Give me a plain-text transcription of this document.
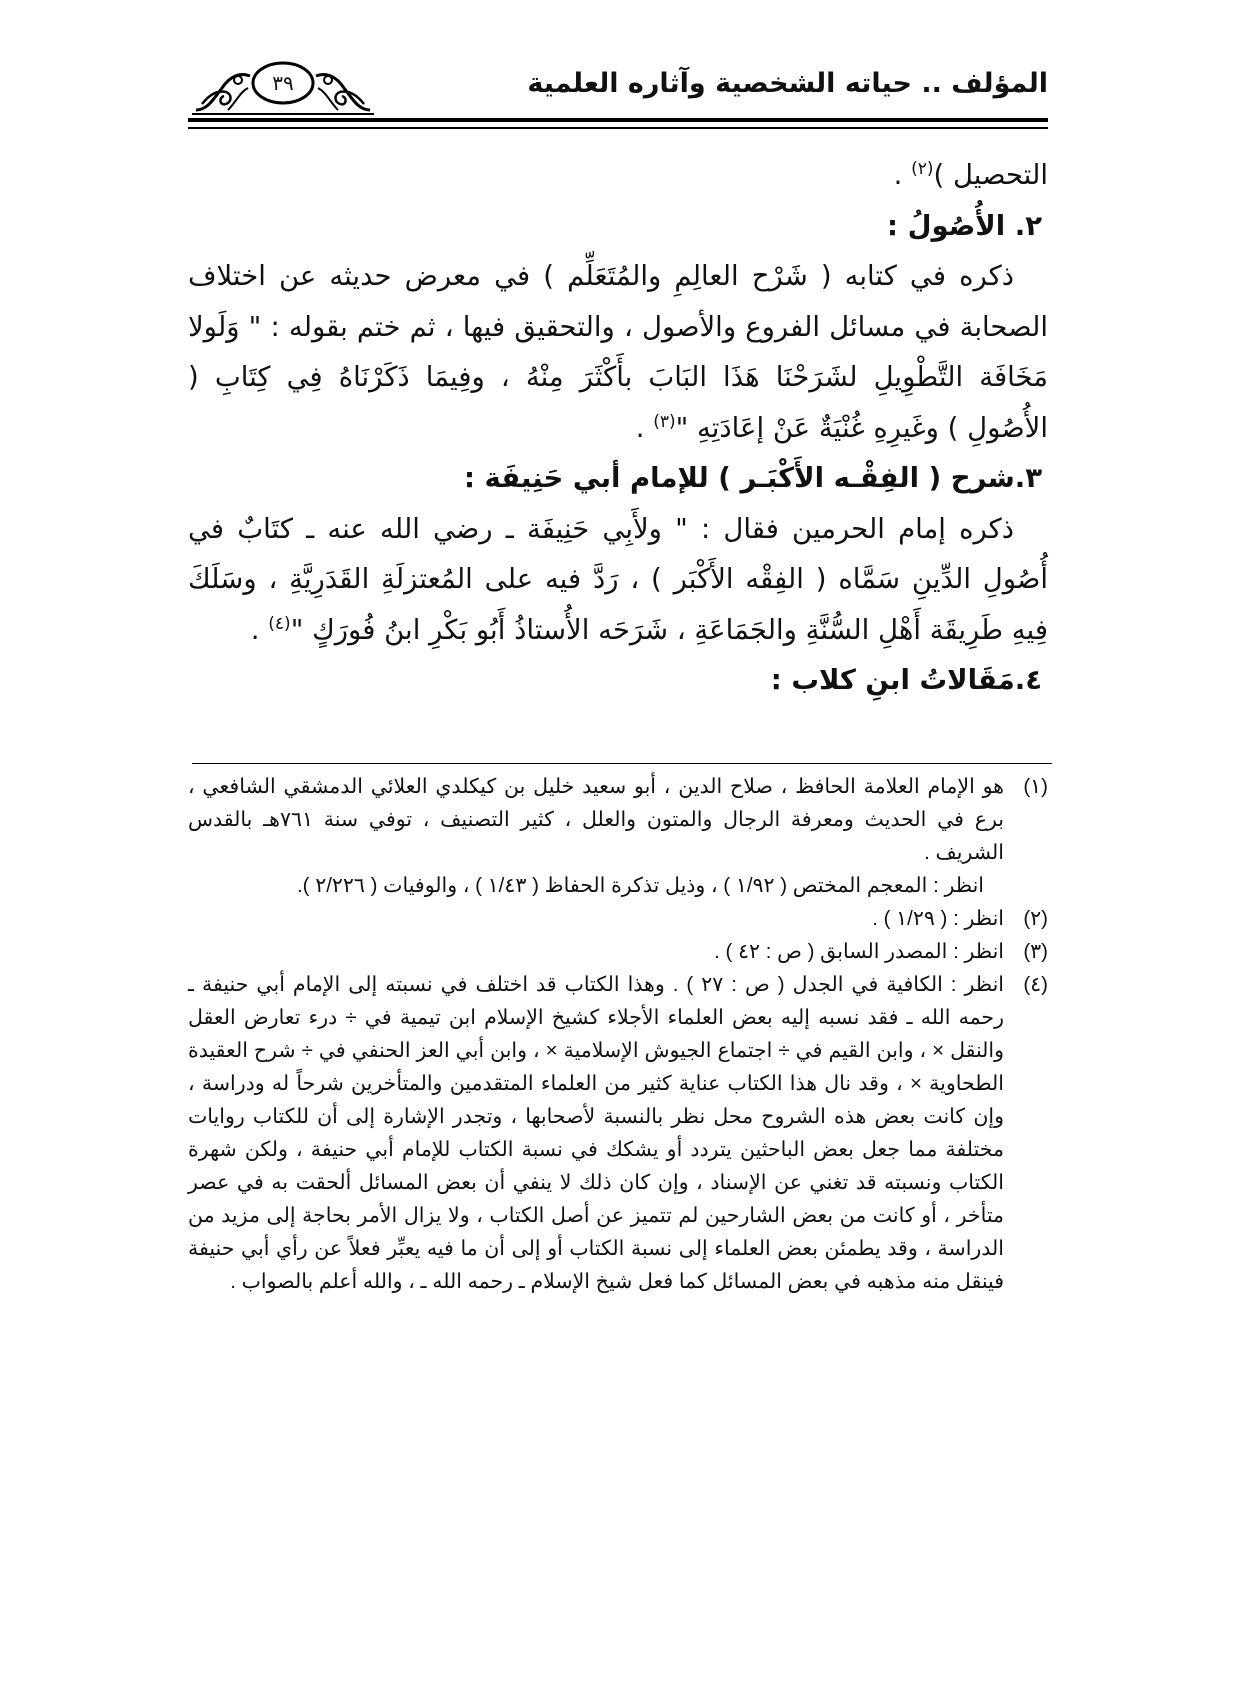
المؤلف .. حياته الشخصية وآثاره العلمية
٣٩

التحصيل )$^{(٢)}$ .

٢. الأُصُولُ :

ذكره في كتابه ( شَرْح العالِمِ والمُتَعَلِّم ) في معرض حديثه عن اختلاف الصحابة في مسائل الفروع والأصول ، والتحقيق فيها ، ثم ختم بقوله : " وَلَولا مَخَافَة التَّطْوِيلِ لشَرَحْنَا هَذَا البَابَ بأَكْثَرَ مِنْهُ ، وفِيمَا ذَكَرْنَاهُ فِي كِتَابِ ( الأُصُولِ ) وغَيرِهِ غُنْيَةٌ عَنْ إعَادَتِهِ "$^{(٣)}$ .

٣.شرح ( الفِقْـه الأَكْبَـر ) للإمام أبي حَنِيفَة :

ذكره إمام الحرمين فقال : " ولأَبِي حَنِيفَة ـ رضي الله عنه ـ كتَابٌ في أُصُولِ الدِّينِ سَمَّاه ( الفِقْه الأَكْبَر ) ، رَدَّ فيه على المُعتزلَةِ القَدَرِيَّةِ ، وسَلَكَ فِيهِ طَرِيقَة أَهْلِ السُّنَّةِ والجَمَاعَةِ ، شَرَحَه الأُستاذُ أَبُو بَكْرِ ابنُ فُورَكٍ "$^{(٤)}$ .

٤.مَقَالاتُ ابنِ كلاب :

(١)

هو الإمام العلامة الحافظ ، صلاح الدين ، أبو سعيد خليل بن كيكلدي العلائي الدمشقي الشافعي ، برع في الحديث ومعرفة الرجال والمتون والعلل ، كثير التصنيف ، توفي سنة ٧٦١هـ بالقدس الشريف .

انظر : المعجم المختص ( ١/٩٢ ) ، وذيل تذكرة الحفاظ ( ١/٤٣ ) ، والوفيات ( ٢/٢٢٦ ).

(٢)

انظر : ( ١/٢٩ ) .

(٣)

انظر : المصدر السابق ( ص : ٤٢ ) .

(٤)

انظر : الكافية في الجدل ( ص : ٢٧ ) . وهذا الكتاب قد اختلف في نسبته إلى الإمام أبي حنيفة ـ رحمه الله ـ فقد نسبه إليه بعض العلماء الأجلاء كشيخ الإسلام ابن تيمية في ÷ درء تعارض العقل والنقل × ، وابن القيم في ÷ اجتماع الجيوش الإسلامية × ، وابن أبي العز الحنفي في ÷ شرح العقيدة الطحاوية × ، وقد نال هذا الكتاب عناية كثير من العلماء المتقدمين والمتأخرين شرحاً له ودراسة ، وإن كانت بعض هذه الشروح محل نظر بالنسبة لأصحابها ، وتجدر الإشارة إلى أن للكتاب روايات مختلفة مما جعل بعض الباحثين يتردد أو يشكك في نسبة الكتاب للإمام أبي حنيفة ، ولكن شهرة الكتاب ونسبته قد تغني عن الإسناد ، وإن كان ذلك لا ينفي أن بعض المسائل ألحقت به في عصر متأخر ، أو كانت من بعض الشارحين لم تتميز عن أصل الكتاب ، ولا يزال الأمر بحاجة إلى مزيد من الدراسة ، وقد يطمئن بعض العلماء إلى نسبة الكتاب أو إلى أن ما فيه يعبِّر فعلاً عن رأي أبي حنيفة فينقل منه مذهبه في بعض المسائل كما فعل شيخ الإسلام ـ رحمه الله ـ ، والله أعلم بالصواب .
